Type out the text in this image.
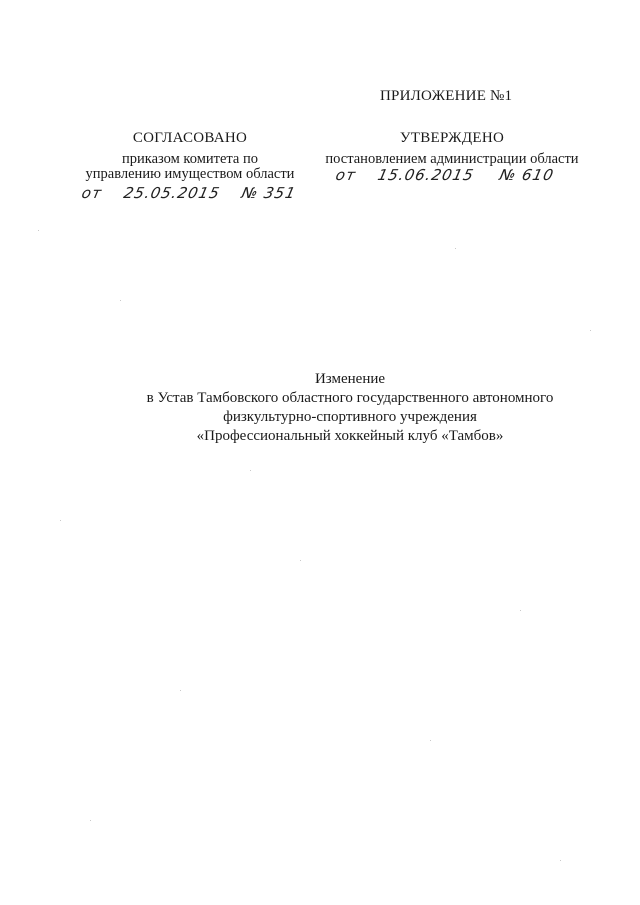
ПРИЛОЖЕНИЕ №1
СОГЛАСОВАНО
приказом комитета по
управлению имуществом области
от 25.05.2015 № 351
УТВЕРЖДЕНО
постановлением администрации области
от 15.06.2015 № 610
Изменение
в Устав Тамбовского областного государственного автономного
физкультурно-спортивного учреждения
«Профессиональный хоккейный клуб «Тамбов»
